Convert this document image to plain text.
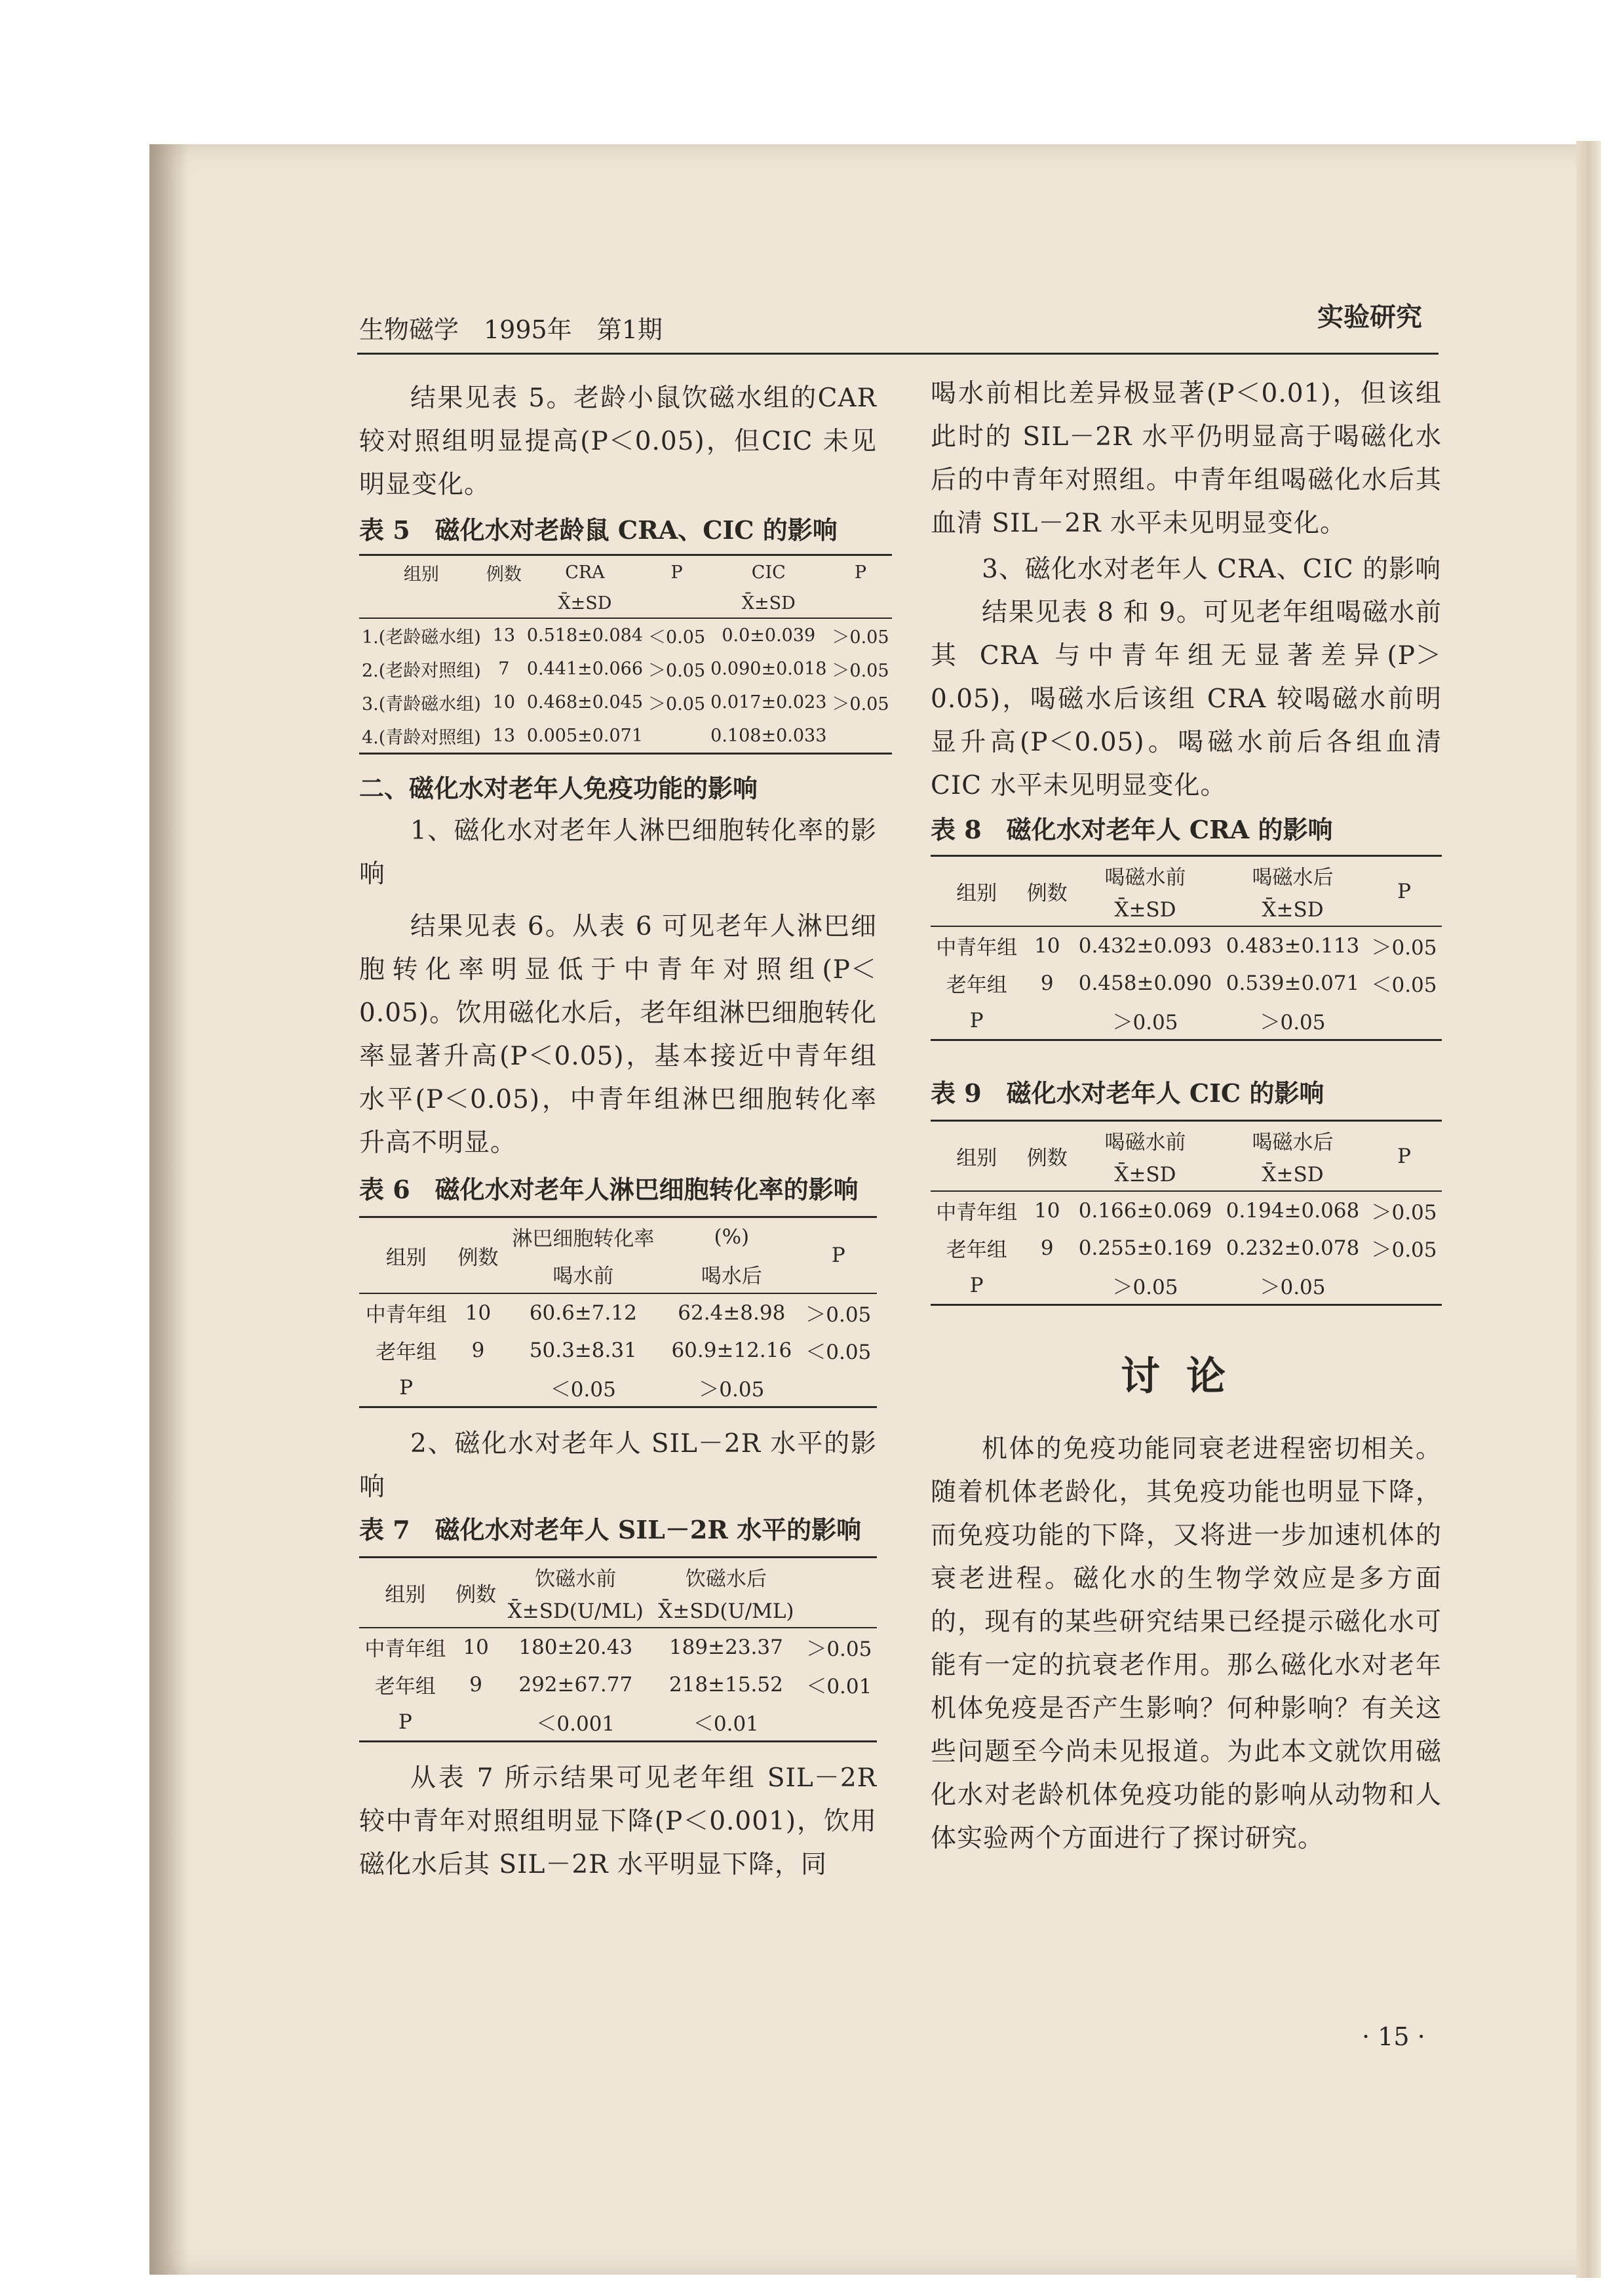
生物磁学　1995年　第1期	实验研究

结果见表 5。老龄小鼠饮磁水组的CAR 较对照组明显提高(P＜0.05)，但CIC 未见明显变化。

表 5　磁化水对老龄鼠 CRA、CIC 的影响

组别	例数	CRA	P	CIC	P
		X̄±SD		X̄±SD	
1.(老龄磁水组)	13	0.518±0.084	＜0.05	0.0±0.039	＞0.05
2.(老龄对照组)	7	0.441±0.066	＞0.05	0.090±0.018	＞0.05
3.(青龄磁水组)	10	0.468±0.045	＞0.05	0.017±0.023	＞0.05
4.(青龄对照组)	13	0.005±0.071		0.108±0.033	

二、磁化水对老年人免疫功能的影响

1、磁化水对老年人淋巴细胞转化率的影响

结果见表 6。从表 6 可见老年人淋巴细胞转化率明显低于中青年对照组(P＜0.05)。饮用磁化水后，老年组淋巴细胞转化率显著升高(P＜0.05)，基本接近中青年组水平(P＜0.05)，中青年组淋巴细胞转化率升高不明显。

表 6　磁化水对老年人淋巴细胞转化率的影响

组别	例数	淋巴细胞转化率	(%)	P
		喝水前	喝水后	
中青年组	10	60.6±7.12	62.4±8.98	＞0.05
老年组	9	50.3±8.31	60.9±12.16	＜0.05
P		＜0.05	＞0.05	

2、磁化水对老年人 SIL－2R 水平的影响

表 7　磁化水对老年人 SIL－2R 水平的影响

组别	例数	饮磁水前	饮磁水后	
		X̄±SD(U/ML)	X̄±SD(U/ML)	
中青年组	10	180±20.43	189±23.37	＞0.05
老年组	9	292±67.77	218±15.52	＜0.01
P		＜0.001	＜0.01	

从表 7 所示结果可见老年组 SIL－2R 较中青年对照组明显下降(P＜0.001)，饮用磁化水后其 SIL－2R 水平明显下降，同

喝水前相比差异极显著(P＜0.01)，但该组此时的 SIL－2R 水平仍明显高于喝磁化水后的中青年对照组。中青年组喝磁化水后其血清 SIL－2R 水平未见明显变化。

3、磁化水对老年人 CRA、CIC 的影响

结果见表 8 和 9。可见老年组喝磁水前其 CRA 与中青年组无显著差异(P＞0.05)，喝磁水后该组 CRA 较喝磁水前明显升高(P＜0.05)。喝磁水前后各组血清 CIC 水平未见明显变化。

表 8　磁化水对老年人 CRA 的影响

组别	例数	喝磁水前	喝磁水后	P
		X̄±SD	X̄±SD	
中青年组	10	0.432±0.093	0.483±0.113	＞0.05
老年组	9	0.458±0.090	0.539±0.071	＜0.05
P		＞0.05	＞0.05	

表 9　磁化水对老年人 CIC 的影响

组别	例数	喝磁水前	喝磁水后	P
		X̄±SD	X̄±SD	
中青年组	10	0.166±0.069	0.194±0.068	＞0.05
老年组	9	0.255±0.169	0.232±0.078	＞0.05
P		＞0.05	＞0.05	
讨论

机体的免疫功能同衰老进程密切相关。随着机体老龄化，其免疫功能也明显下降，而免疫功能的下降，又将进一步加速机体的衰老进程。磁化水的生物学效应是多方面的，现有的某些研究结果已经提示磁化水可能有一定的抗衰老作用。那么磁化水对老年机体免疫是否产生影响？何种影响？有关这些问题至今尚未见报道。为此本文就饮用磁化水对老龄机体免疫功能的影响从动物和人体实验两个方面进行了探讨研究。

· 15 ·
